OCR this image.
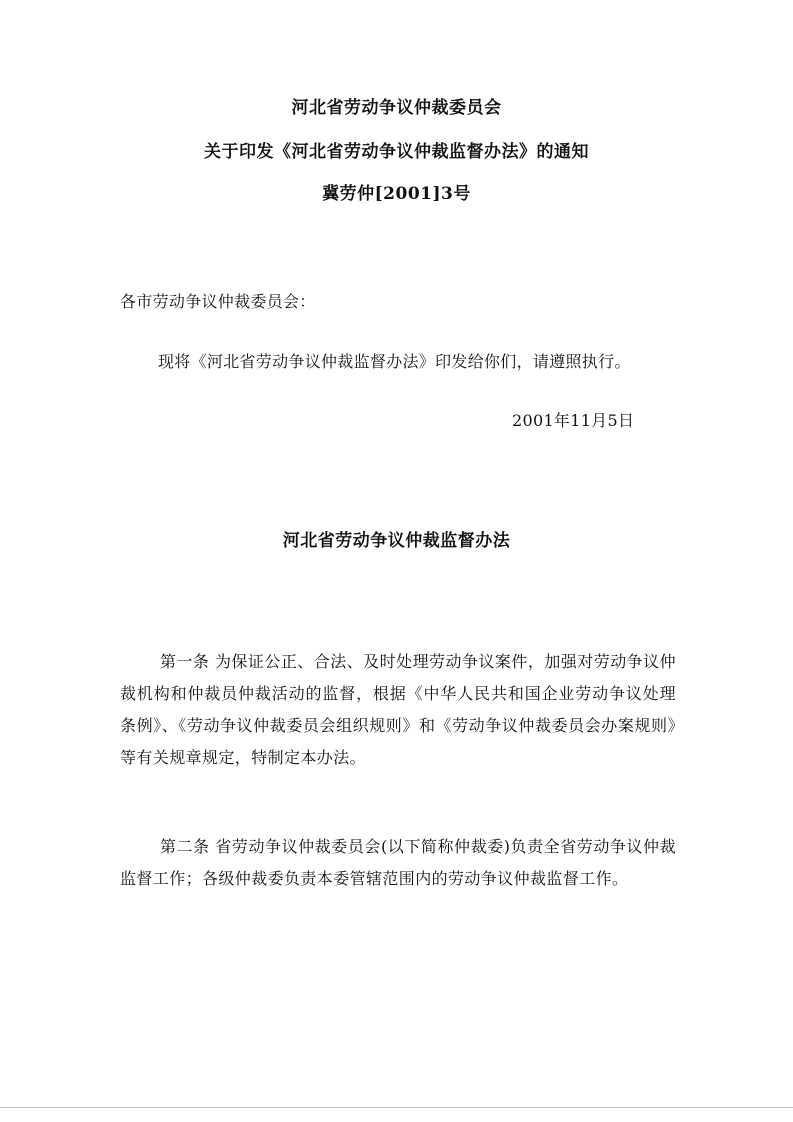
河北省劳动争议仲裁委员会
关于印发《河北省劳动争议仲裁监督办法》的通知
冀劳仲[2001]3号
各市劳动争议仲裁委员会：
现将《河北省劳动争议仲裁监督办法》印发给你们，请遵照执行。
2001年11月5日
河北省劳动争议仲裁监督办法
第一条 为保证公正、合法、及时处理劳动争议案件，加强对劳动争议仲裁机构和仲裁员仲裁活动的监督，根据《中华人民共和国企业劳动争议处理条例》、《劳动争议仲裁委员会组织规则》和《劳动争议仲裁委员会办案规则》等有关规章规定，特制定本办法。
第二条 省劳动争议仲裁委员会(以下简称仲裁委)负责全省劳动争议仲裁监督工作；各级仲裁委负责本委管辖范围内的劳动争议仲裁监督工作。
